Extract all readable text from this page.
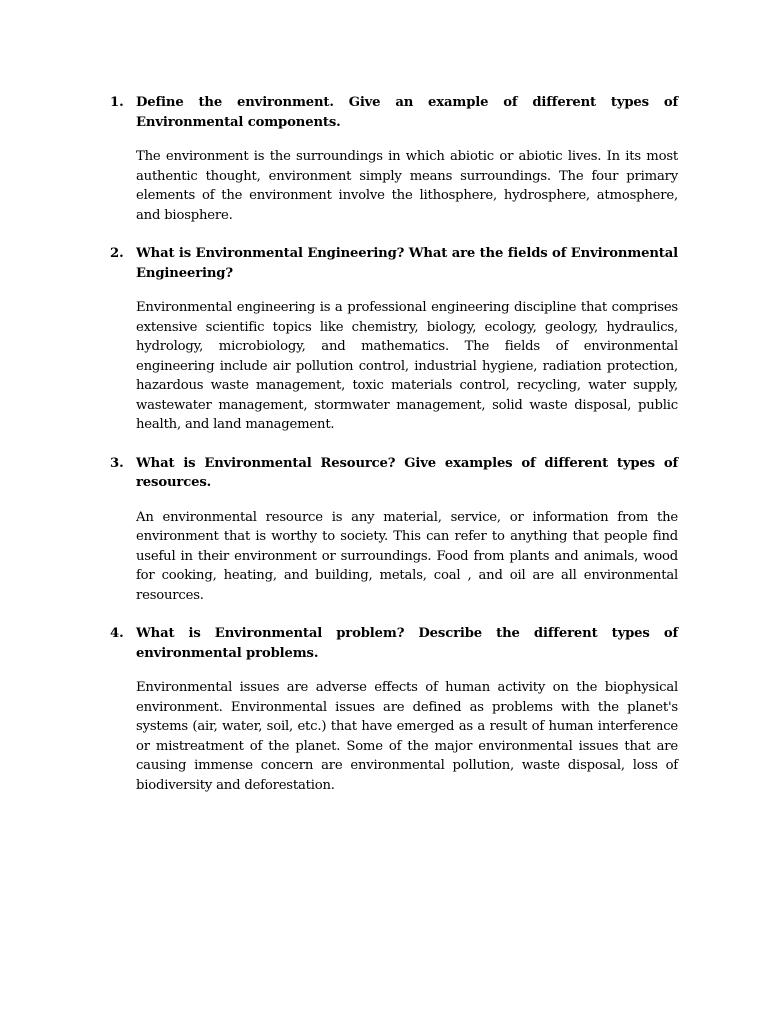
1. Define the environment. Give an example of different types of Environmental components.

The environment is the surroundings in which abiotic or abiotic lives. In its most authentic thought, environment simply means surroundings. The four primary elements of the environment involve the lithosphere, hydrosphere, atmosphere, and biosphere.

2. What is Environmental Engineering? What are the fields of Environmental Engineering?

Environmental engineering is a professional engineering discipline that comprises extensive scientific topics like chemistry, biology, ecology, geology, hydraulics, hydrology, microbiology, and mathematics. The fields of environmental engineering include air pollution control, industrial hygiene, radiation protection, hazardous waste management, toxic materials control, recycling, water supply, wastewater management, stormwater management, solid waste disposal, public health, and land management.

3. What is Environmental Resource? Give examples of different types of resources.

An environmental resource is any material, service, or information from the environment that is worthy to society. This can refer to anything that people find useful in their environment or surroundings. Food from plants and animals, wood for cooking, heating, and building, metals, coal , and oil are all environmental resources.

4. What is Environmental problem? Describe the different types of environmental problems.

Environmental issues are adverse effects of human activity on the biophysical environment. Environmental issues are defined as problems with the planet's systems (air, water, soil, etc.) that have emerged as a result of human interference or mistreatment of the planet. Some of the major environmental issues that are causing immense concern are environmental pollution, waste disposal, loss of biodiversity and deforestation.
